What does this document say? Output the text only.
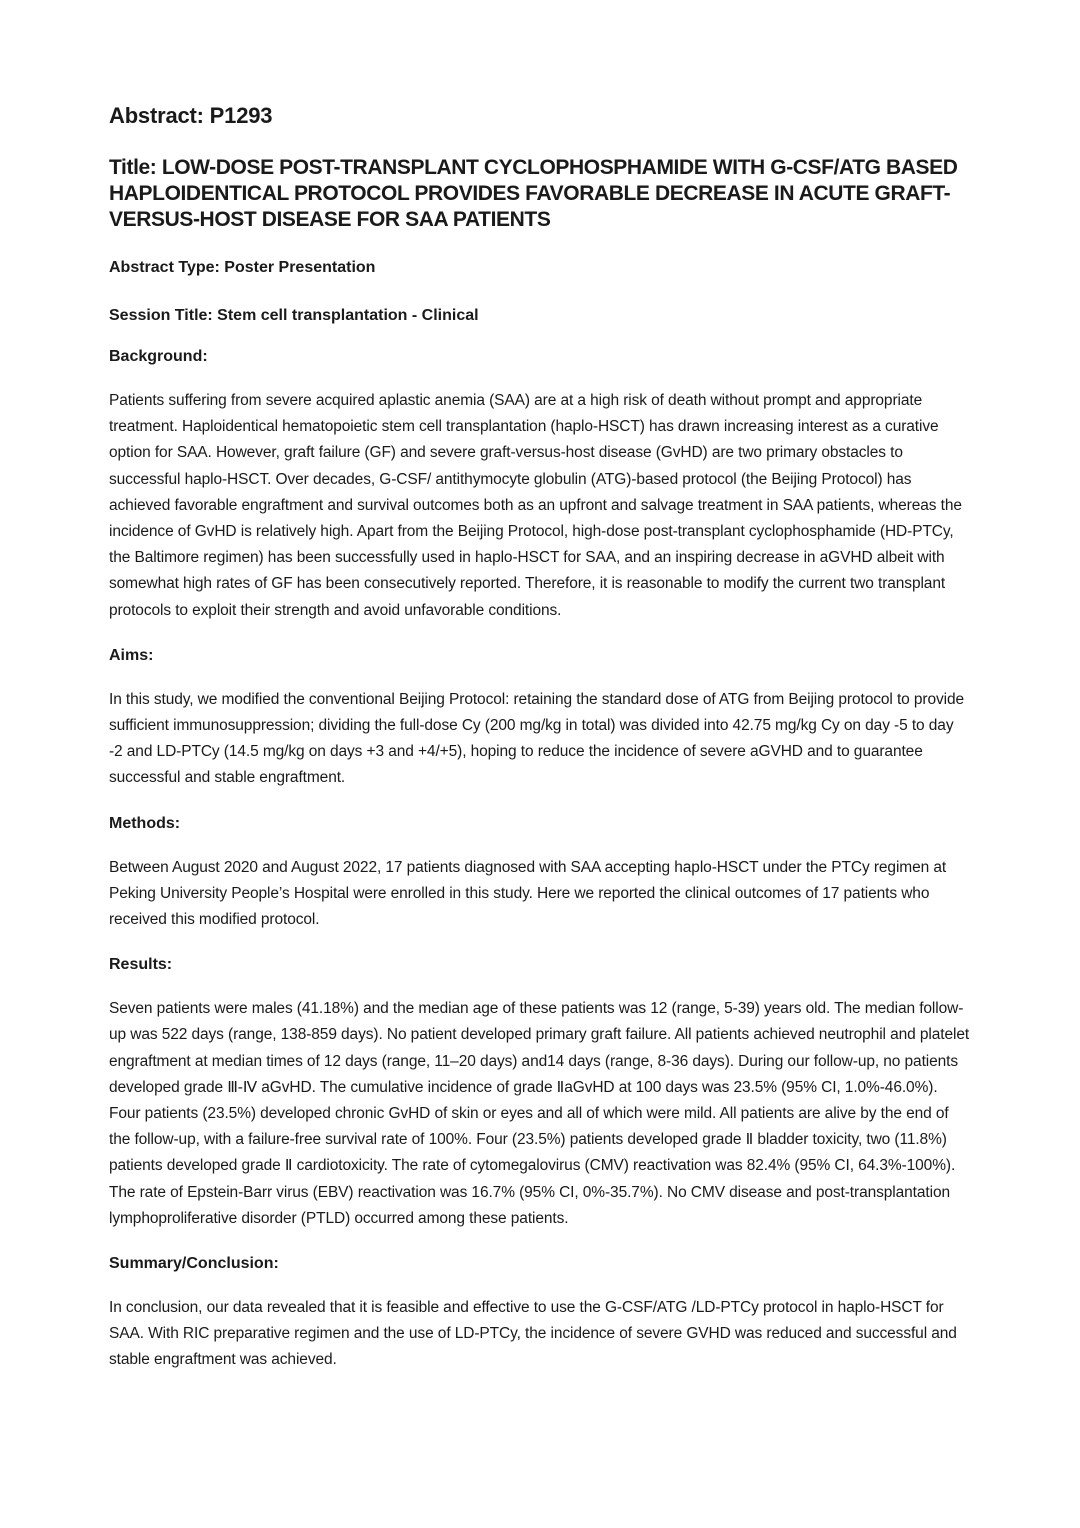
Abstract: P1293
Title: LOW-DOSE POST-TRANSPLANT CYCLOPHOSPHAMIDE WITH G-CSF/ATG BASED HAPLOIDENTICAL PROTOCOL PROVIDES FAVORABLE DECREASE IN ACUTE GRAFT-VERSUS-HOST DISEASE FOR SAA PATIENTS

Abstract Type: Poster Presentation

Session Title: Stem cell transplantation - Clinical

Background:

Patients suffering from severe acquired aplastic anemia (SAA) are at a high risk of death without prompt and appropriate treatment. Haploidentical hematopoietic stem cell transplantation (haplo-HSCT) has drawn increasing interest as a curative option for SAA. However, graft failure (GF) and severe graft-versus-host disease (GvHD) are two primary obstacles to successful haplo-HSCT. Over decades, G-CSF/ antithymocyte globulin (ATG)-based protocol (the Beijing Protocol) has achieved favorable engraftment and survival outcomes both as an upfront and salvage treatment in SAA patients, whereas the incidence of GvHD is relatively high. Apart from the Beijing Protocol, high-dose post-transplant cyclophosphamide (HD-PTCy, the Baltimore regimen) has been successfully used in haplo-HSCT for SAA, and an inspiring decrease in aGVHD albeit with somewhat high rates of GF has been consecutively reported. Therefore, it is reasonable to modify the current two transplant protocols to exploit their strength and avoid unfavorable conditions.

Aims:

In this study, we modified the conventional Beijing Protocol: retaining the standard dose of ATG from Beijing protocol to provide sufficient immunosuppression; dividing the full-dose Cy (200 mg/kg in total) was divided into 42.75 mg/kg Cy on day -5 to day -2 and LD-PTCy (14.5 mg/kg on days +3 and +4/+5), hoping to reduce the incidence of severe aGVHD and to guarantee successful and stable engraftment.

Methods:

Between August 2020 and August 2022, 17 patients diagnosed with SAA accepting haplo-HSCT under the PTCy regimen at Peking University People’s Hospital were enrolled in this study. Here we reported the clinical outcomes of 17 patients who received this modified protocol.

Results:

Seven patients were males (41.18%) and the median age of these patients was 12 (range, 5-39) years old. The median follow-up was 522 days (range, 138-859 days). No patient developed primary graft failure. All patients achieved neutrophil and platelet engraftment at median times of 12 days (range, 11–20 days) and14 days (range, 8-36 days). During our follow-up, no patients developed grade Ⅲ-Ⅳ aGvHD. The cumulative incidence of grade ⅡaGvHD at 100 days was 23.5% (95% CI, 1.0%-46.0%). Four patients (23.5%) developed chronic GvHD of skin or eyes and all of which were mild. All patients are alive by the end of the follow-up, with a failure-free survival rate of 100%. Four (23.5%) patients developed grade Ⅱ bladder toxicity, two (11.8%) patients developed grade Ⅱ cardiotoxicity. The rate of cytomegalovirus (CMV) reactivation was 82.4% (95% CI, 64.3%-100%). The rate of Epstein-Barr virus (EBV) reactivation was 16.7% (95% CI, 0%-35.7%). No CMV disease and post-transplantation lymphoproliferative disorder (PTLD) occurred among these patients.

Summary/Conclusion:

In conclusion, our data revealed that it is feasible and effective to use the G-CSF/ATG /LD-PTCy protocol in haplo-HSCT for SAA. With RIC preparative regimen and the use of LD-PTCy, the incidence of severe GVHD was reduced and successful and stable engraftment was achieved.
